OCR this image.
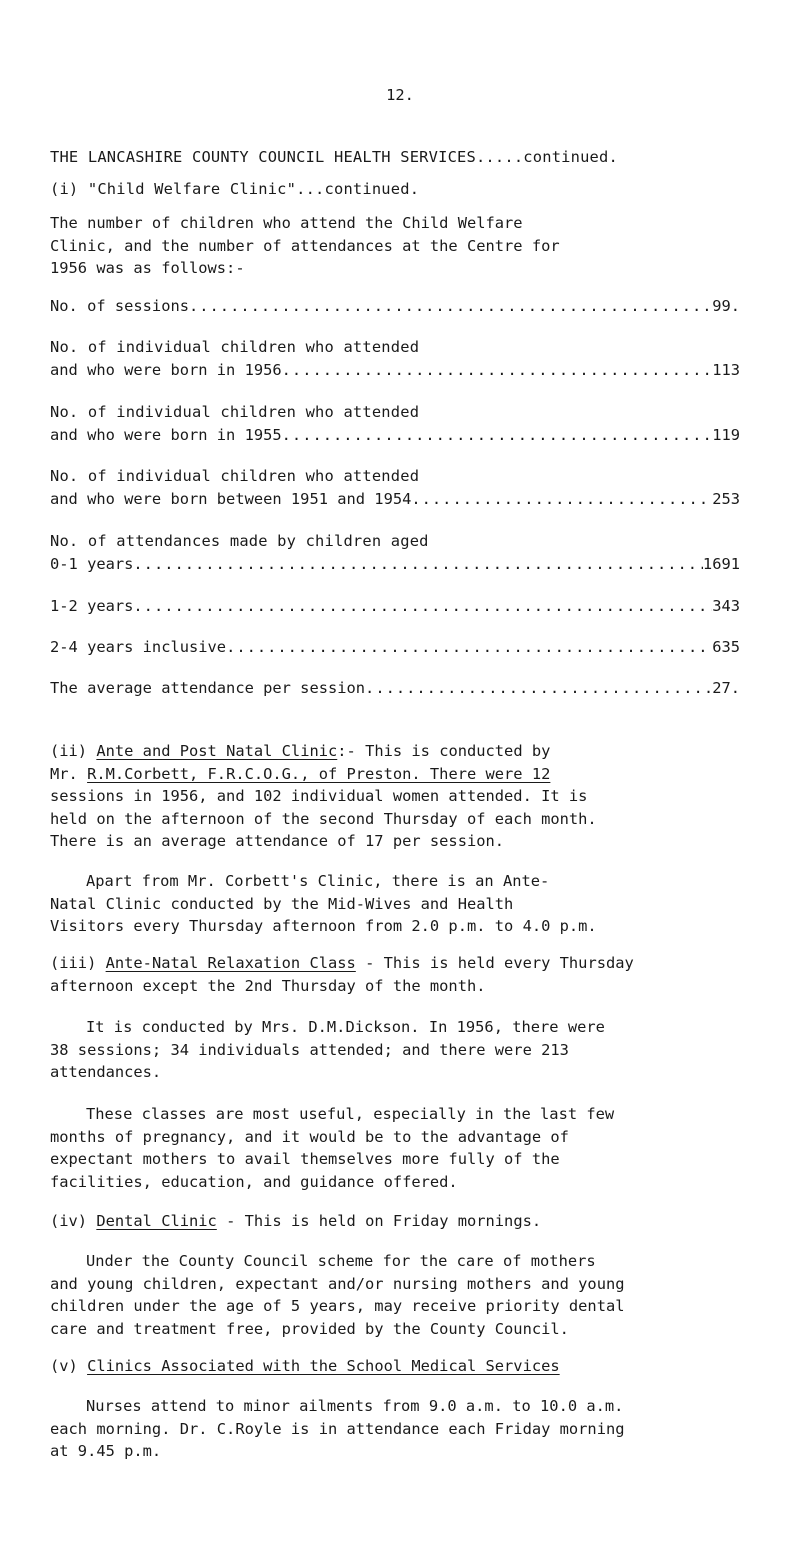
12.
THE LANCASHIRE COUNTY COUNCIL HEALTH SERVICES.....continued.
(i) "Child Welfare Clinic"...continued.
The number of children who attend the Child Welfare
Clinic, and the number of attendances at the Centre for
1956 was as follows:-
No. of sessions .....	99.
No. of individual children who attended
and who were born in 1956 .....	113
No. of individual children who attended
and who were born in 1955 .....	119
No. of individual children who attended
and who were born between 1951 and 1954 .....	253
No. of attendances made by children aged
0-1 years .....	1691
1-2 years .....	343
2-4 years inclusive .....	635
The average attendance per session .....	27.
(ii) Ante and Post Natal Clinic:- This is conducted by
Mr. R.M.Corbett, F.R.C.O.G., of Preston. There were 12
sessions in 1956, and 102 individual women attended. It is
held on the afternoon of the second Thursday of each month.
There is an average attendance of 17 per session.
Apart from Mr. Corbett's Clinic, there is an Ante-
Natal Clinic conducted by the Mid-Wives and Health
Visitors every Thursday afternoon from 2.0 p.m. to 4.0 p.m.
(iii) Ante-Natal Relaxation Class - This is held every Thursday
afternoon except the 2nd Thursday of the month.
It is conducted by Mrs. D.M.Dickson. In 1956, there were
38 sessions; 34 individuals attended; and there were 213
attendances.
These classes are most useful, especially in the last few
months of pregnancy, and it would be to the advantage of
expectant mothers to avail themselves more fully of the
facilities, education, and guidance offered.
(iv) Dental Clinic - This is held on Friday mornings.
Under the County Council scheme for the care of mothers
and young children, expectant and/or nursing mothers and young
children under the age of 5 years, may receive priority dental
care and treatment free, provided by the County Council.
(v) Clinics Associated with the School Medical Services
Nurses attend to minor ailments from 9.0 a.m. to 10.0 a.m.
each morning. Dr. C.Royle is in attendance each Friday morning
at 9.45 p.m.
